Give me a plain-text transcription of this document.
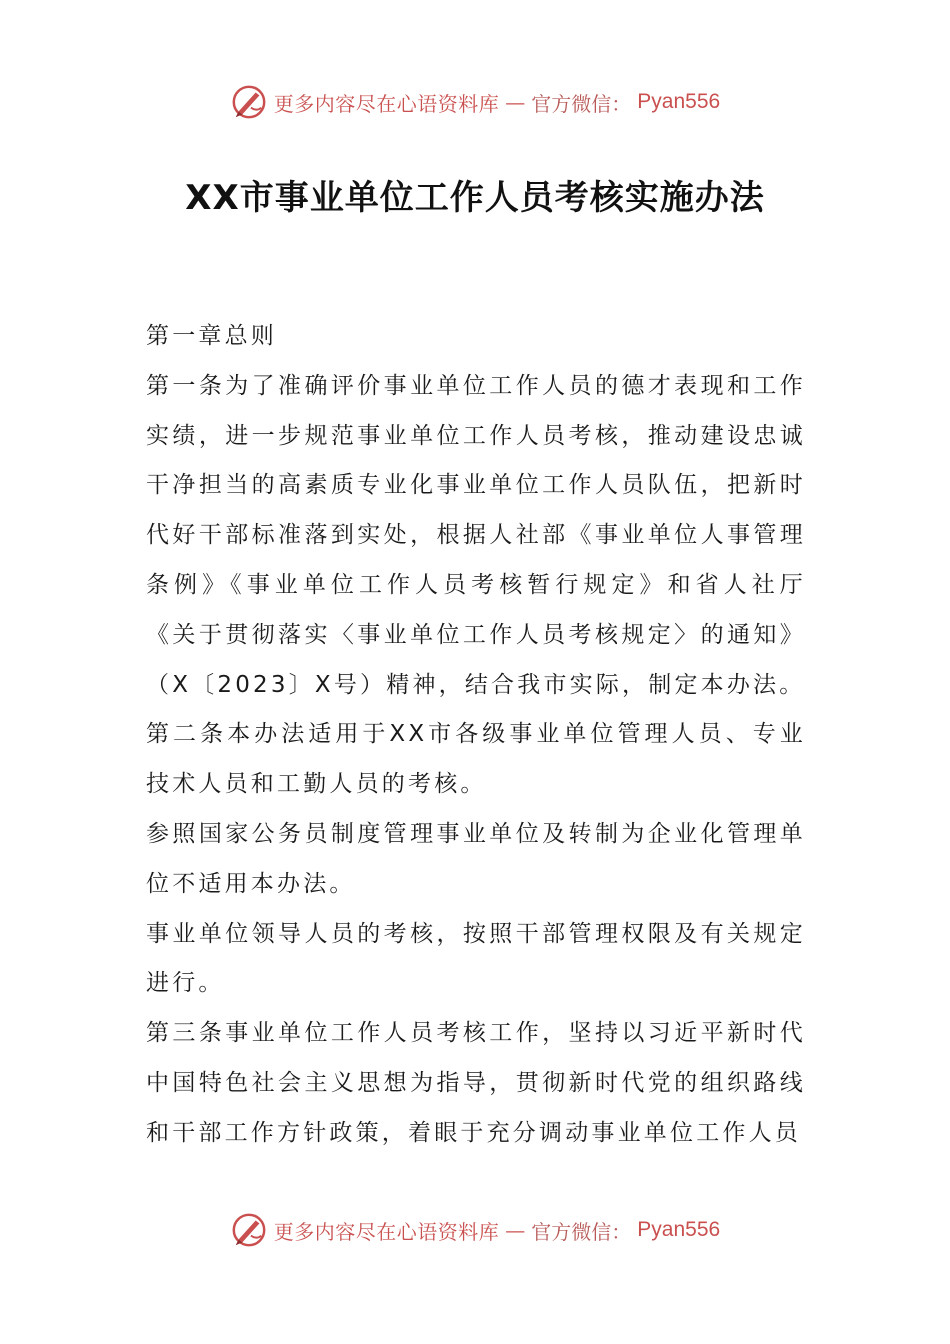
更多内容尽在心语资料库 — 官方微信： Pyan556
XX市事业单位工作人员考核实施办法

第一章总则

第一条为了准确评价事业单位工作人员的德才表现和工作实绩，进一步规范事业单位工作人员考核，推动建设忠诚干净担当的高素质专业化事业单位工作人员队伍，把新时代好干部标准落到实处，根据人社部《事业单位人事管理条例》《事业单位工作人员考核暂行规定》和省人社厅《关于贯彻落实〈事业单位工作人员考核规定〉的通知》（X〔2023〕X号）精神，结合我市实际，制定本办法。

第二条本办法适用于XX市各级事业单位管理人员、专业技术人员和工勤人员的考核。

参照国家公务员制度管理事业单位及转制为企业化管理单位不适用本办法。

事业单位领导人员的考核，按照干部管理权限及有关规定进行。

第三条事业单位工作人员考核工作，坚持以习近平新时代中国特色社会主义思想为指导，贯彻新时代党的组织路线和干部工作方针政策，着眼于充分调动事业单位工作人员

更多内容尽在心语资料库 — 官方微信： Pyan556
